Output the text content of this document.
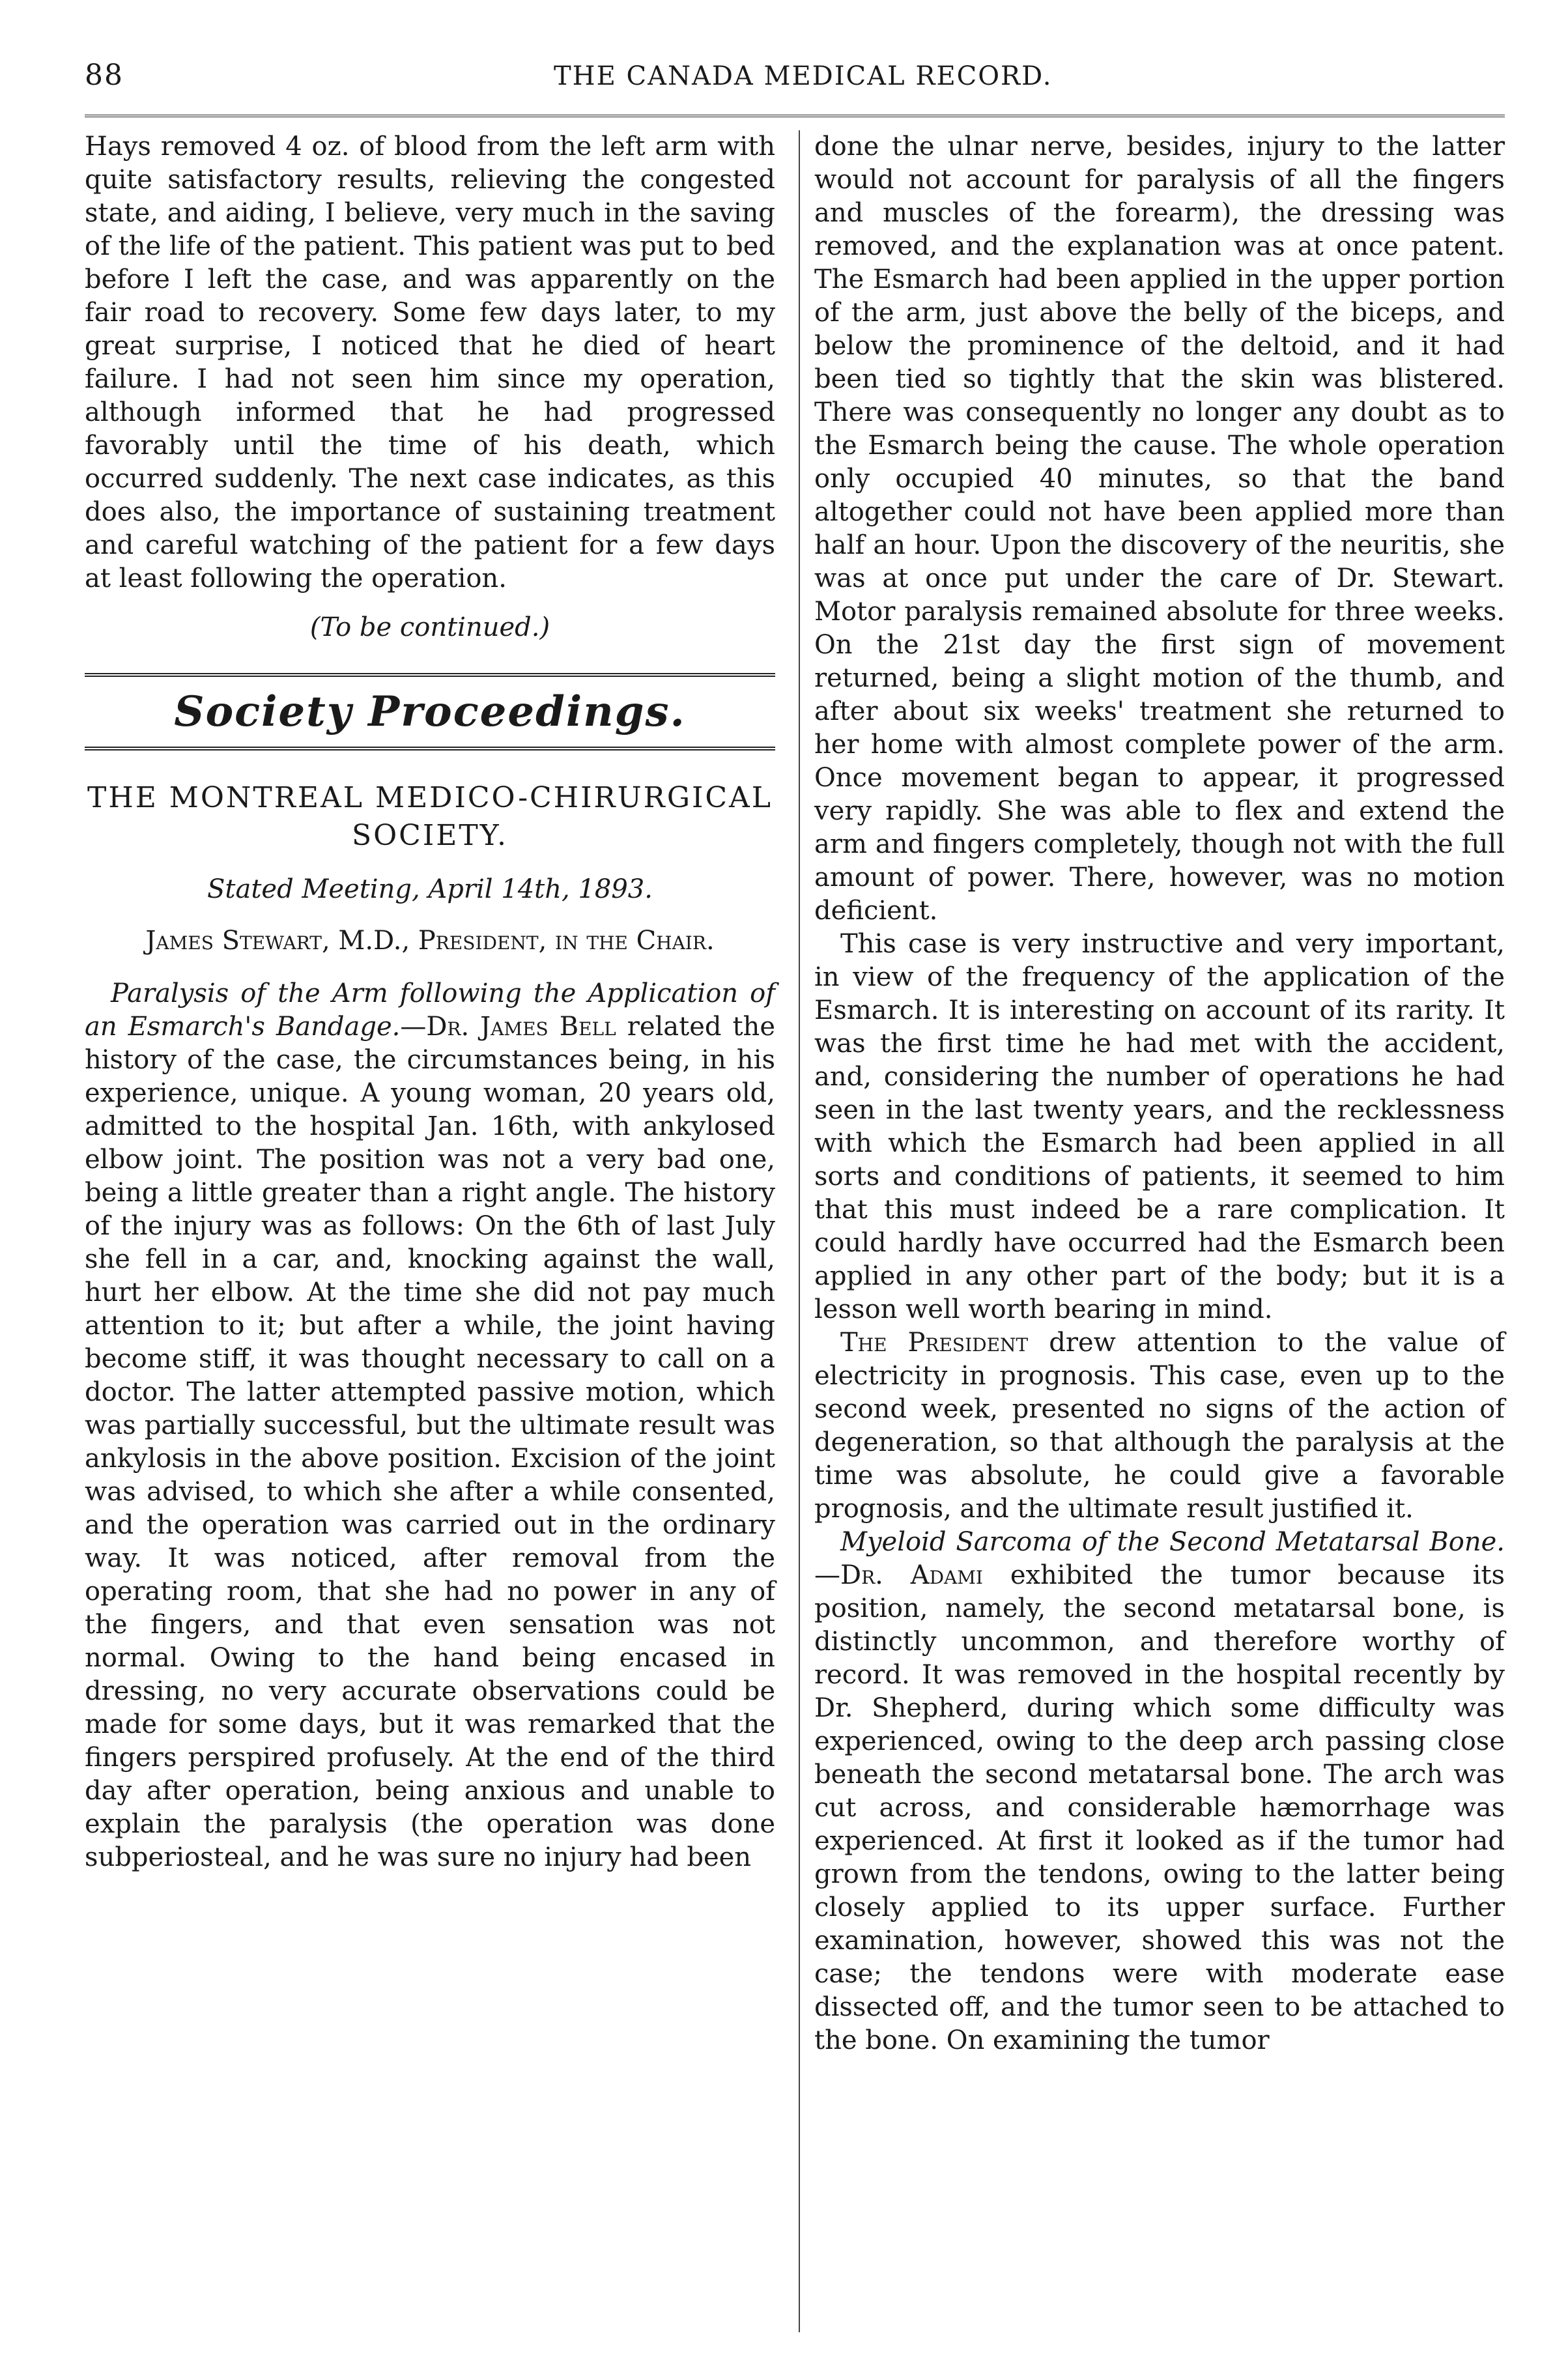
88	THE CANADA MEDICAL RECORD.

Hays removed 4 oz. of blood from the left arm with quite satisfactory results, relieving the congested state, and aiding, I believe, very much in the saving of the life of the patient. This patient was put to bed before I left the case, and was apparently on the fair road to recovery. Some few days later, to my great surprise, I noticed that he died of heart failure. I had not seen him since my operation, although informed that he had progressed favorably until the time of his death, which occurred suddenly. The next case indicates, as this does also, the importance of sustaining treatment and careful watching of the patient for a few days at least following the operation.

(To be continued.)

Society Proceedings.

THE MONTREAL MEDICO-CHIRURGICAL SOCIETY.

Stated Meeting, April 14th, 1893.

James Stewart, M.D., President, in the Chair.

Paralysis of the Arm following the Application of an Esmarch's Bandage.—Dr. James Bell related the history of the case, the circumstances being, in his experience, unique. A young woman, 20 years old, admitted to the hospital Jan. 16th, with ankylosed elbow joint. The position was not a very bad one, being a little greater than a right angle. The history of the injury was as follows: On the 6th of last July she fell in a car, and, knocking against the wall, hurt her elbow. At the time she did not pay much attention to it; but after a while, the joint having become stiff, it was thought necessary to call on a doctor. The latter attempted passive motion, which was partially successful, but the ultimate result was ankylosis in the above position. Excision of the joint was advised, to which she after a while consented, and the operation was carried out in the ordinary way. It was noticed, after removal from the operating room, that she had no power in any of the fingers, and that even sensation was not normal. Owing to the hand being encased in dressing, no very accurate observations could be made for some days, but it was remarked that the fingers perspired profusely. At the end of the third day after operation, being anxious and unable to explain the paralysis (the operation was done subperiosteal, and he was sure no injury had been

done the ulnar nerve, besides, injury to the latter would not account for paralysis of all the fingers and muscles of the forearm), the dressing was removed, and the explanation was at once patent. The Esmarch had been applied in the upper portion of the arm, just above the belly of the biceps, and below the prominence of the deltoid, and it had been tied so tightly that the skin was blistered. There was consequently no longer any doubt as to the Esmarch being the cause. The whole operation only occupied 40 minutes, so that the band altogether could not have been applied more than half an hour. Upon the discovery of the neuritis, she was at once put under the care of Dr. Stewart. Motor paralysis remained absolute for three weeks. On the 21st day the first sign of movement returned, being a slight motion of the thumb, and after about six weeks' treatment she returned to her home with almost complete power of the arm. Once movement began to appear, it progressed very rapidly. She was able to flex and extend the arm and fingers completely, though not with the full amount of power. There, however, was no motion deficient.

This case is very instructive and very important, in view of the frequency of the application of the Esmarch. It is interesting on account of its rarity. It was the first time he had met with the accident, and, considering the number of operations he had seen in the last twenty years, and the recklessness with which the Esmarch had been applied in all sorts and conditions of patients, it seemed to him that this must indeed be a rare complication. It could hardly have occurred had the Esmarch been applied in any other part of the body; but it is a lesson well worth bearing in mind.

The President drew attention to the value of electricity in prognosis. This case, even up to the second week, presented no signs of the action of degeneration, so that although the paralysis at the time was absolute, he could give a favorable prognosis, and the ultimate result justified it.

Myeloid Sarcoma of the Second Metatarsal Bone.—Dr. Adami exhibited the tumor because its position, namely, the second metatarsal bone, is distinctly uncommon, and therefore worthy of record. It was removed in the hospital recently by Dr. Shepherd, during which some difficulty was experienced, owing to the deep arch passing close beneath the second metatarsal bone. The arch was cut across, and considerable hæmorrhage was experienced. At first it looked as if the tumor had grown from the tendons, owing to the latter being closely applied to its upper surface. Further examination, however, showed this was not the case; the tendons were with moderate ease dissected off, and the tumor seen to be attached to the bone. On examining the tumor
